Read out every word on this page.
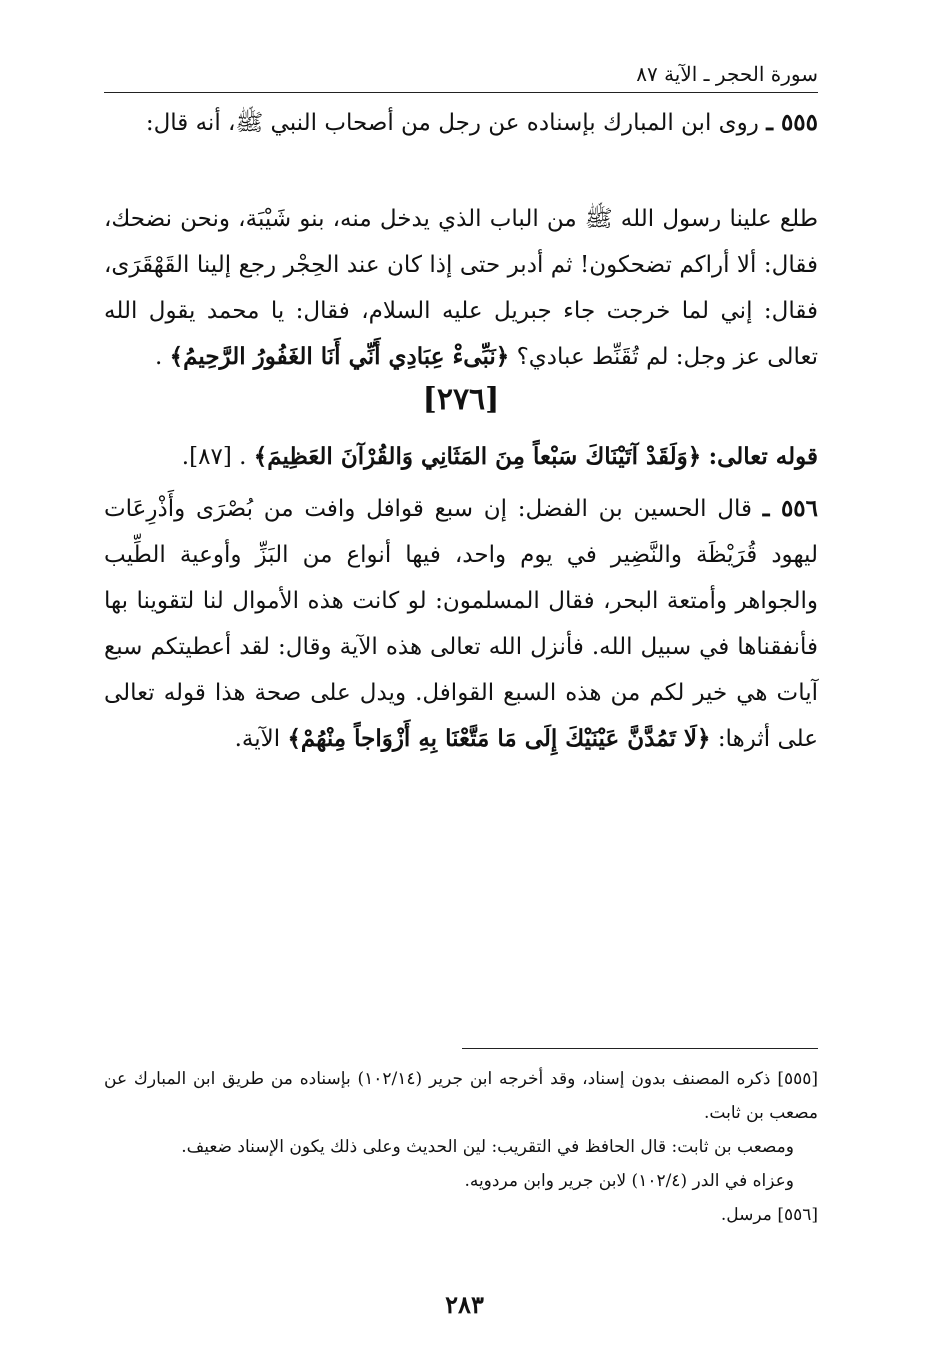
سورة الحجر ـ الآية ٨٧
٥٥٥ ـ روى ابن المبارك بإسناده عن رجل من أصحاب النبي ﷺ، أنه قال:
طلع علينا رسول الله ﷺ من الباب الذي يدخل منه، بنو شَيْبَة، ونحن نضحك، فقال: ألا أراكم تضحكون! ثم أدبر حتى إذا كان عند الحِجْر رجع إلينا القَهْقَرَى، فقال: إني لما خرجت جاء جبريل عليه السلام، فقال: يا محمد يقول الله تعالى عز وجل: لم تُقَنِّط عبادي؟ ﴿نَبِّىءْ عِبَادِي أَنِّي أَنَا الغَفُورُ الرَّحِيمُ﴾ .
[٢٧٦]
قوله تعالى: ﴿وَلَقَدْ آتَيْنَاكَ سَبْعاً مِنَ المَثَانِي وَالقُرْآنَ العَظِيمَ﴾ . [٨٧].
٥٥٦ ـ قال الحسين بن الفضل: إن سبع قوافل وافت من بُصْرَى وأَذْرِعَات ليهود قُرَيْظَة والنَّضِير في يوم واحد، فيها أنواع من البَزِّ وأوعية الطِّيب والجواهر وأمتعة البحر، فقال المسلمون: لو كانت هذه الأموال لنا لتقوينا بها فأنفقناها في سبيل الله. فأنزل الله تعالى هذه الآية وقال: لقد أعطيتكم سبع آيات هي خير لكم من هذه السبع القوافل. ويدل على صحة هذا قوله تعالى على أثرها: ﴿لَا تَمُدَّنَّ عَيْنَيْكَ إِلَى مَا مَتَّعْنَا بِهِ أَزْوَاجاً مِنْهُمْ﴾ الآية.

[٥٥٥] ذكره المصنف بدون إسناد، وقد أخرجه ابن جرير (١٠٢/١٤) بإسناده من طريق ابن المبارك عن مصعب بن ثابت.

ومصعب بن ثابت: قال الحافظ في التقريب: لين الحديث وعلى ذلك يكون الإسناد ضعيف.

وعزاه في الدر (١٠٢/٤) لابن جرير وابن مردويه.

[٥٥٦] مرسل.

٢٨٣
